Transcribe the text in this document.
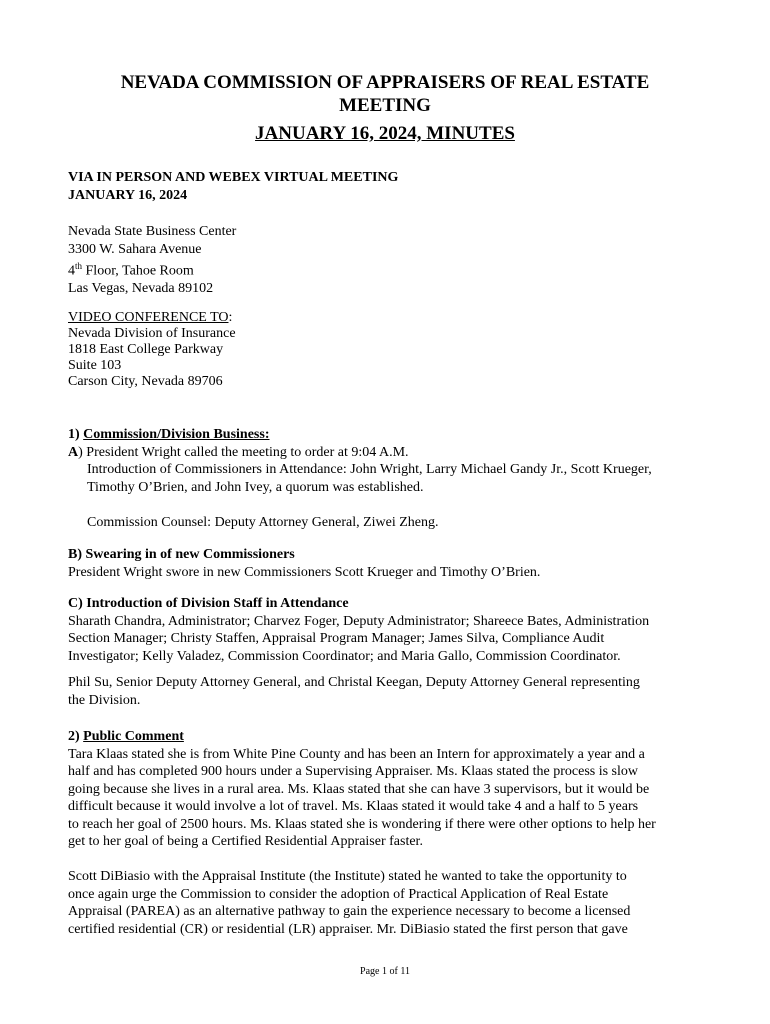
NEVADA COMMISSION OF APPRAISERS OF REAL ESTATE
MEETING
JANUARY 16, 2024, MINUTES
VIA IN PERSON AND WEBEX VIRTUAL MEETING
JANUARY 16, 2024
Nevada State Business Center
3300 W. Sahara Avenue
4th Floor, Tahoe Room
Las Vegas, Nevada 89102
VIDEO CONFERENCE TO:
Nevada Division of Insurance
1818 East College Parkway
Suite 103
Carson City, Nevada 89706
1) Commission/Division Business:
A) President Wright called the meeting to order at 9:04 A.M.
Introduction of Commissioners in Attendance: John Wright, Larry Michael Gandy Jr., Scott Krueger,
Timothy O’Brien, and John Ivey, a quorum was established.
Commission Counsel: Deputy Attorney General, Ziwei Zheng.
B) Swearing in of new Commissioners
President Wright swore in new Commissioners Scott Krueger and Timothy O’Brien.
C) Introduction of Division Staff in Attendance
Sharath Chandra, Administrator; Charvez Foger, Deputy Administrator; Shareece Bates, Administration
Section Manager; Christy Staffen, Appraisal Program Manager; James Silva, Compliance Audit
Investigator; Kelly Valadez, Commission Coordinator; and Maria Gallo, Commission Coordinator.
Phil Su, Senior Deputy Attorney General, and Christal Keegan, Deputy Attorney General representing
the Division.
2) Public Comment
Tara Klaas stated she is from White Pine County and has been an Intern for approximately a year and a
half and has completed 900 hours under a Supervising Appraiser. Ms. Klaas stated the process is slow
going because she lives in a rural area. Ms. Klaas stated that she can have 3 supervisors, but it would be
difficult because it would involve a lot of travel. Ms. Klaas stated it would take 4 and a half to 5 years
to reach her goal of 2500 hours. Ms. Klaas stated she is wondering if there were other options to help her
get to her goal of being a Certified Residential Appraiser faster.
Scott DiBiasio with the Appraisal Institute (the Institute) stated he wanted to take the opportunity to
once again urge the Commission to consider the adoption of Practical Application of Real Estate
Appraisal (PAREA) as an alternative pathway to gain the experience necessary to become a licensed
certified residential (CR) or residential (LR) appraiser. Mr. DiBiasio stated the first person that gave
Page 1 of 11
